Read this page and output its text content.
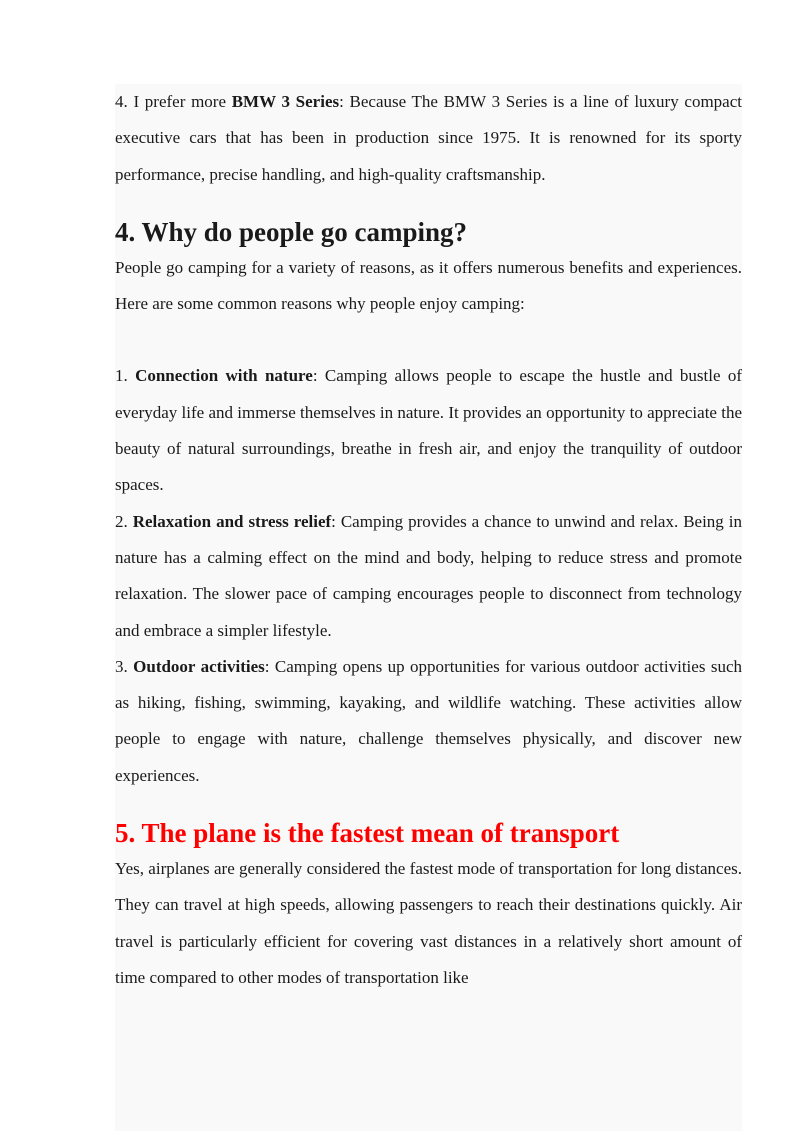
4. I prefer more BMW 3 Series: Because The BMW 3 Series is a line of luxury compact executive cars that has been in production since 1975. It is renowned for its sporty performance, precise handling, and high-quality craftsmanship.

4. Why do people go camping?

People go camping for a variety of reasons, as it offers numerous benefits and experiences. Here are some common reasons why people enjoy camping:

1. Connection with nature: Camping allows people to escape the hustle and bustle of everyday life and immerse themselves in nature. It provides an opportunity to appreciate the beauty of natural surroundings, breathe in fresh air, and enjoy the tranquility of outdoor spaces.

2. Relaxation and stress relief: Camping provides a chance to unwind and relax. Being in nature has a calming effect on the mind and body, helping to reduce stress and promote relaxation. The slower pace of camping encourages people to disconnect from technology and embrace a simpler lifestyle.

3. Outdoor activities: Camping opens up opportunities for various outdoor activities such as hiking, fishing, swimming, kayaking, and wildlife watching. These activities allow people to engage with nature, challenge themselves physically, and discover new experiences.

5. The plane is the fastest mean of transport

Yes, airplanes are generally considered the fastest mode of transportation for long distances. They can travel at high speeds, allowing passengers to reach their destinations quickly. Air travel is particularly efficient for covering vast distances in a relatively short amount of time compared to other modes of transportation like
